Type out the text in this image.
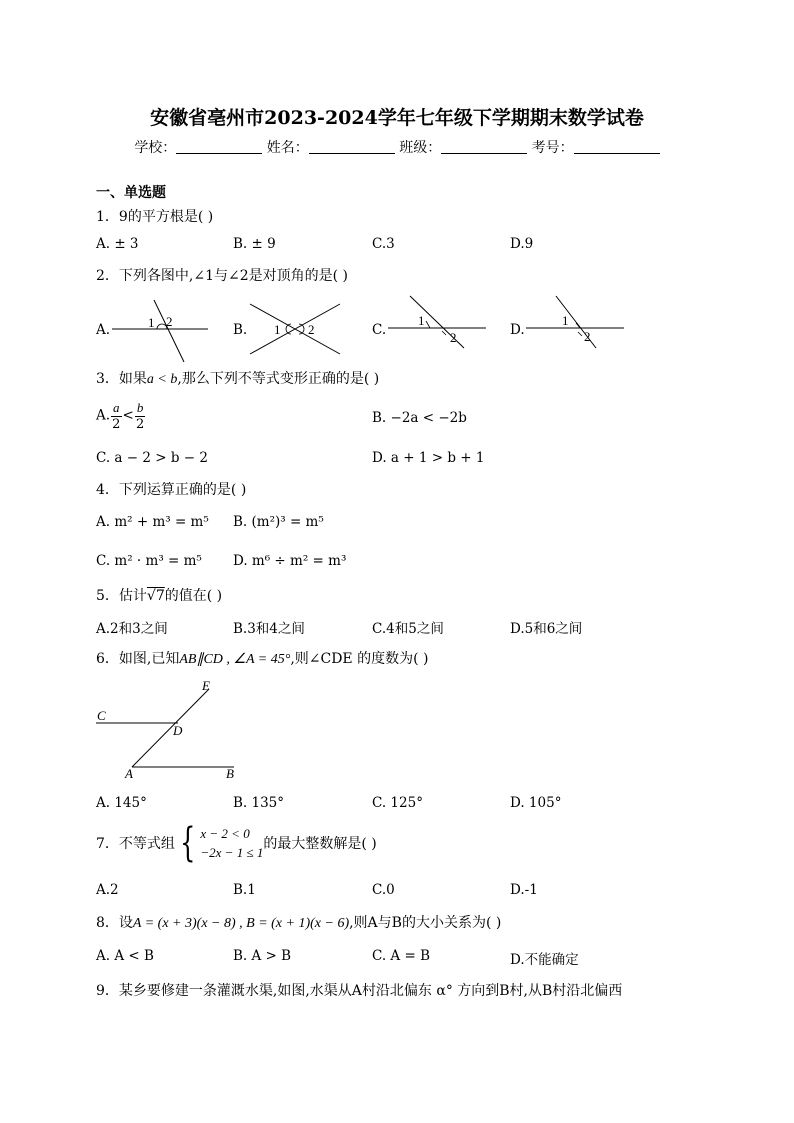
安徽省亳州市2023-2024学年七年级下学期期末数学试卷
学校：	姓名：	班级：	考号：
一、单选题
1．9的平方根是( )
A. ± 3	B. ± 9	C.3	D.9
2．下列各图中,∠1与∠2是对顶角的是( )
A.	1 2
B. 1 2	C.
1
2	D.
1
2
3．如果a < b,那么下列不等式变形正确的是( )
A. $\frac{a}{2} < \frac{b}{2}$	B. −2a < −2b
C. a − 2 > b − 2	D. a + 1 > b + 1
4．下列运算正确的是( )
A. m² + m³ = m⁵ B. (m²)³ = m⁵
C. m² · m³ = m⁵ D. m⁶ ÷ m² = m³
5．估计√7的值在( )
A.2和3之间	B.3和4之间	C.4和5之间	D.5和6之间
6．如图,已知AB∥CD , ∠A = 45°,则∠CDE 的度数为( )
E
C
D
A	B
A. 145°	B. 135°	C. 125°	D. 105°
7．不等式组 { x − 2 < 0
−2x − 1 ≤ 1
的最大整数解是( )
A.2	B.1	C.0	D.-1
8．设A = (x + 3)(x − 8) , B = (x + 1)(x − 6),则A与B的大小关系为( )
A. A < B	B. A > B	C. A = B	D.不能确定
9．某乡要修建一条灌溉水渠,如图,水渠从A村沿北偏东 α° 方向到B村,从B村沿北偏西
